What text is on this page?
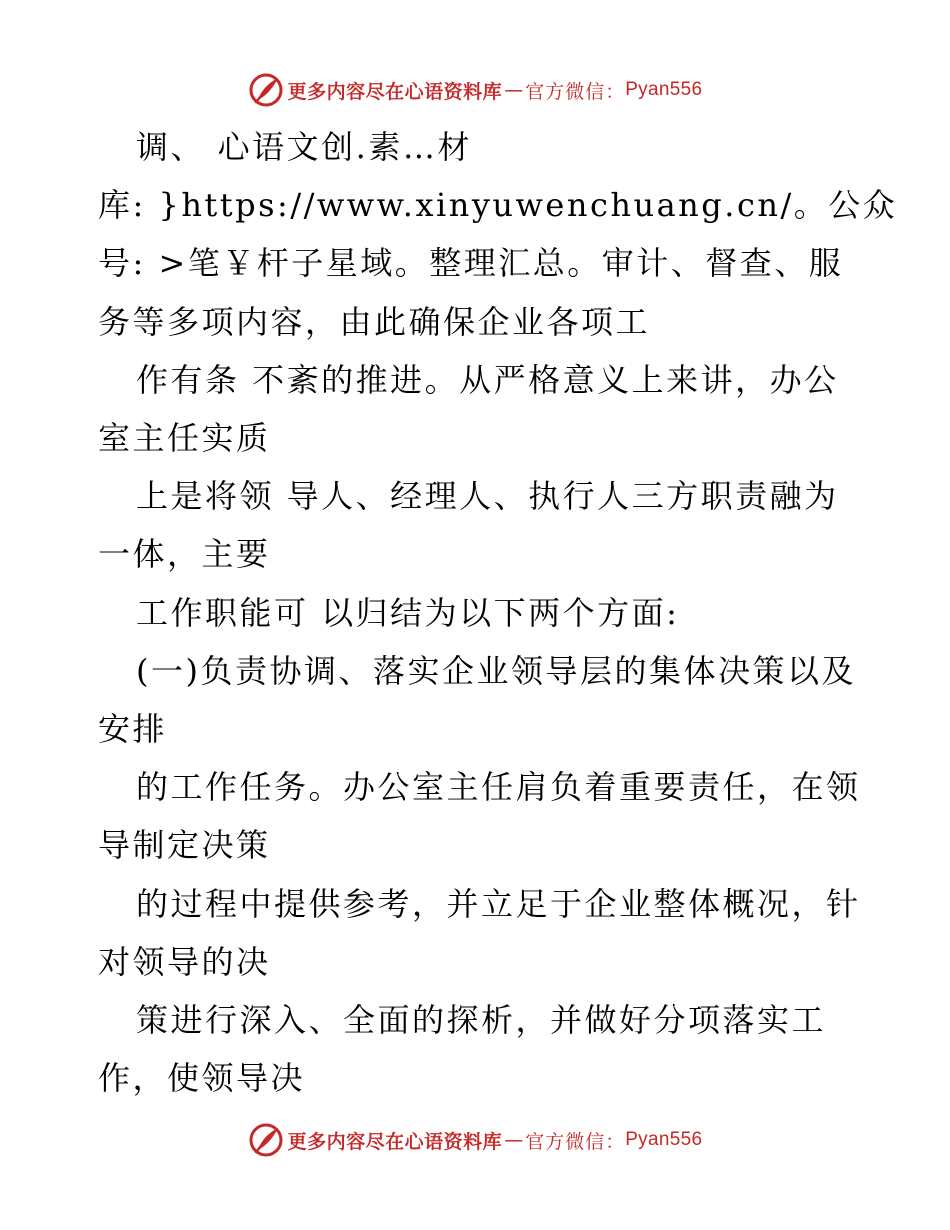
更多内容尽在心语资料库 — 官方微信： Pyan556

调、 心语文创.素…材

库: }https://www.xinyuwenchuang.cn/。公众

号: >笔￥杆子星域。整理汇总。审计、督查、服

务等多项内容，由此确保企业各项工

作有条 不紊的推进。从严格意义上来讲，办公

室主任实质

上是将领 导人、经理人、执行人三方职责融为

一体，主要

工作职能可 以归结为以下两个方面:

(一)负责协调、落实企业领导层的集体决策以及

安排

的工作任务。办公室主任肩负着重要责任，在领

导制定决策

的过程中提供参考，并立足于企业整体概况，针

对领导的决

策进行深入、全面的探析，并做好分项落实工

作，使领导决

更多内容尽在心语资料库 — 官方微信： Pyan556
